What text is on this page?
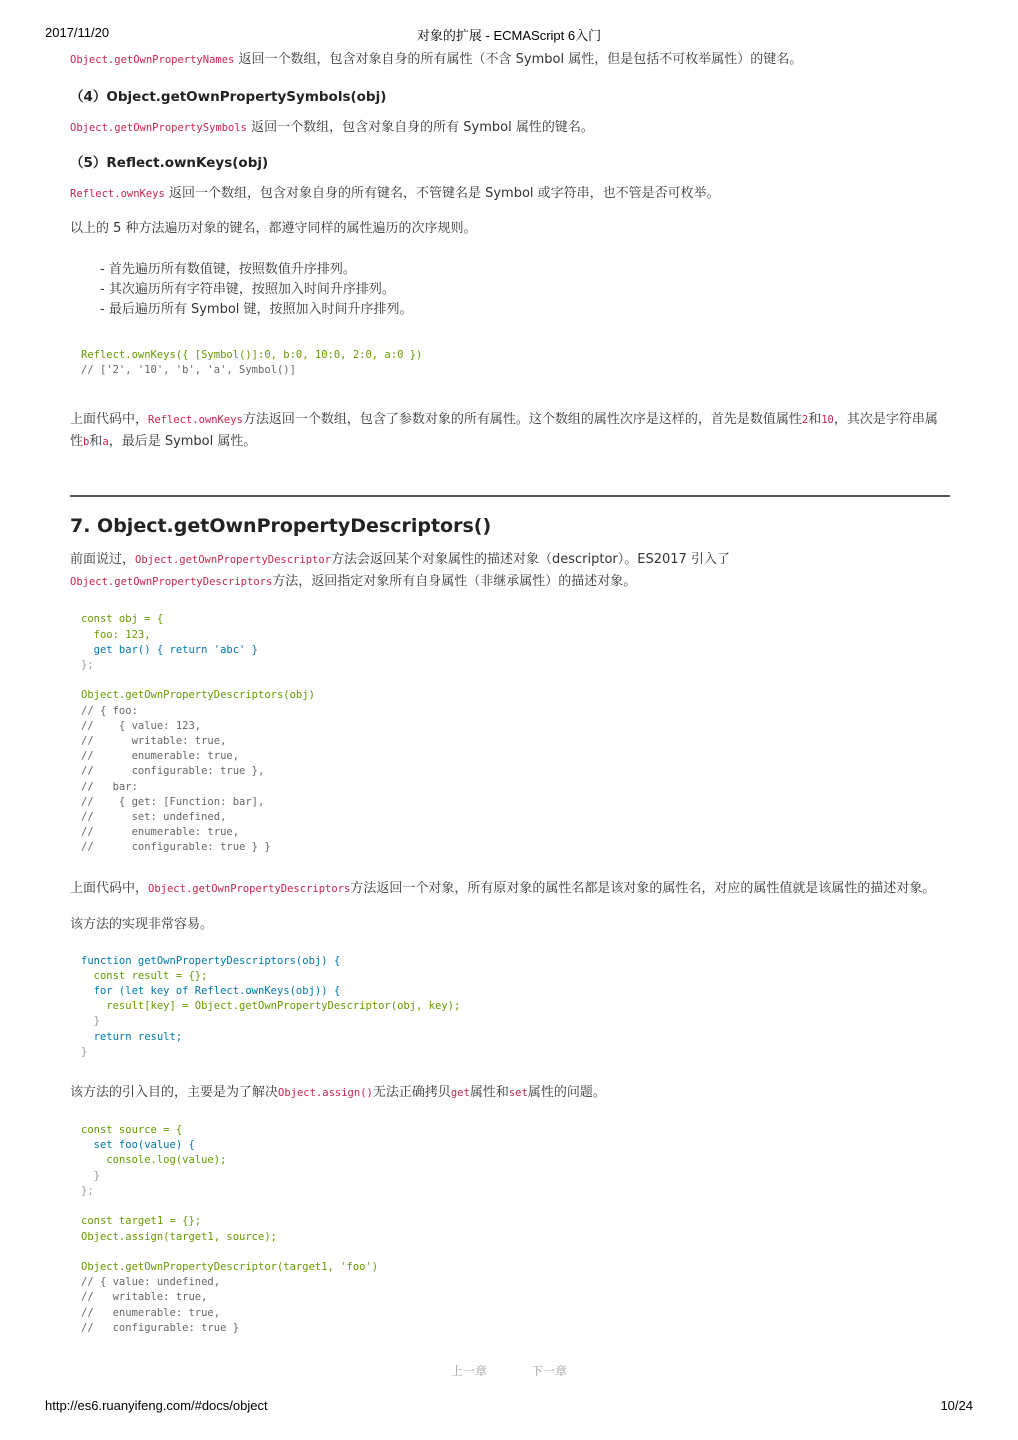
2017/11/20	对象的扩展 - ECMAScript 6入门

Object.getOwnPropertyNames 返回一个数组，包含对象自身的所有属性（不含 Symbol 属性，但是包括不可枚举属性）的键名。

（4）Object.getOwnPropertySymbols(obj)

Object.getOwnPropertySymbols 返回一个数组，包含对象自身的所有 Symbol 属性的键名。

（5）Reflect.ownKeys(obj)

Reflect.ownKeys 返回一个数组，包含对象自身的所有键名，不管键名是 Symbol 或字符串，也不管是否可枚举。

以上的 5 种方法遍历对象的键名，都遵守同样的属性遍历的次序规则。

- 首先遍历所有数值键，按照数值升序排列。
- 其次遍历所有字符串键，按照加入时间升序排列。
- 最后遍历所有 Symbol 键，按照加入时间升序排列。
Reflect.ownKeys({ [Symbol()]:0, b:0, 10:0, 2:0, a:0 })
// ['2', '10', 'b', 'a', Symbol()]

上面代码中，Reflect.ownKeys方法返回一个数组，包含了参数对象的所有属性。这个数组的属性次序是这样的，首先是数值属性2和10，其次是字符串属性b和a，最后是 Symbol 属性。

7. Object.getOwnPropertyDescriptors()

前面说过，Object.getOwnPropertyDescriptor方法会返回某个对象属性的描述对象（descriptor）。ES2017 引入了
Object.getOwnPropertyDescriptors方法，返回指定对象所有自身属性（非继承属性）的描述对象。

const obj = {
foo: 123,
get bar() { return 'abc' }
};

Object.getOwnPropertyDescriptors(obj)
// { foo:
//    { value: 123,
//      writable: true,
//      enumerable: true,
//      configurable: true },
//   bar:
//    { get: [Function: bar],
//      set: undefined,
//      enumerable: true,
//      configurable: true } }

上面代码中，Object.getOwnPropertyDescriptors方法返回一个对象，所有原对象的属性名都是该对象的属性名，对应的属性值就是该属性的描述对象。

该方法的实现非常容易。

function getOwnPropertyDescriptors(obj) {
const result = {};
for (let key of Reflect.ownKeys(obj)) {
result[key] = Object.getOwnPropertyDescriptor(obj, key);
}
return result;
}

该方法的引入目的，主要是为了解决Object.assign()无法正确拷贝get属性和set属性的问题。

const source = {
set foo(value) {
console.log(value);
}
};

const target1 = {};
Object.assign(target1, source);

Object.getOwnPropertyDescriptor(target1, 'foo')
// { value: undefined,
//   writable: true,
//   enumerable: true,
//   configurable: true }
上一章	下一章
http://es6.ruanyifeng.com/#docs/object	10/24
